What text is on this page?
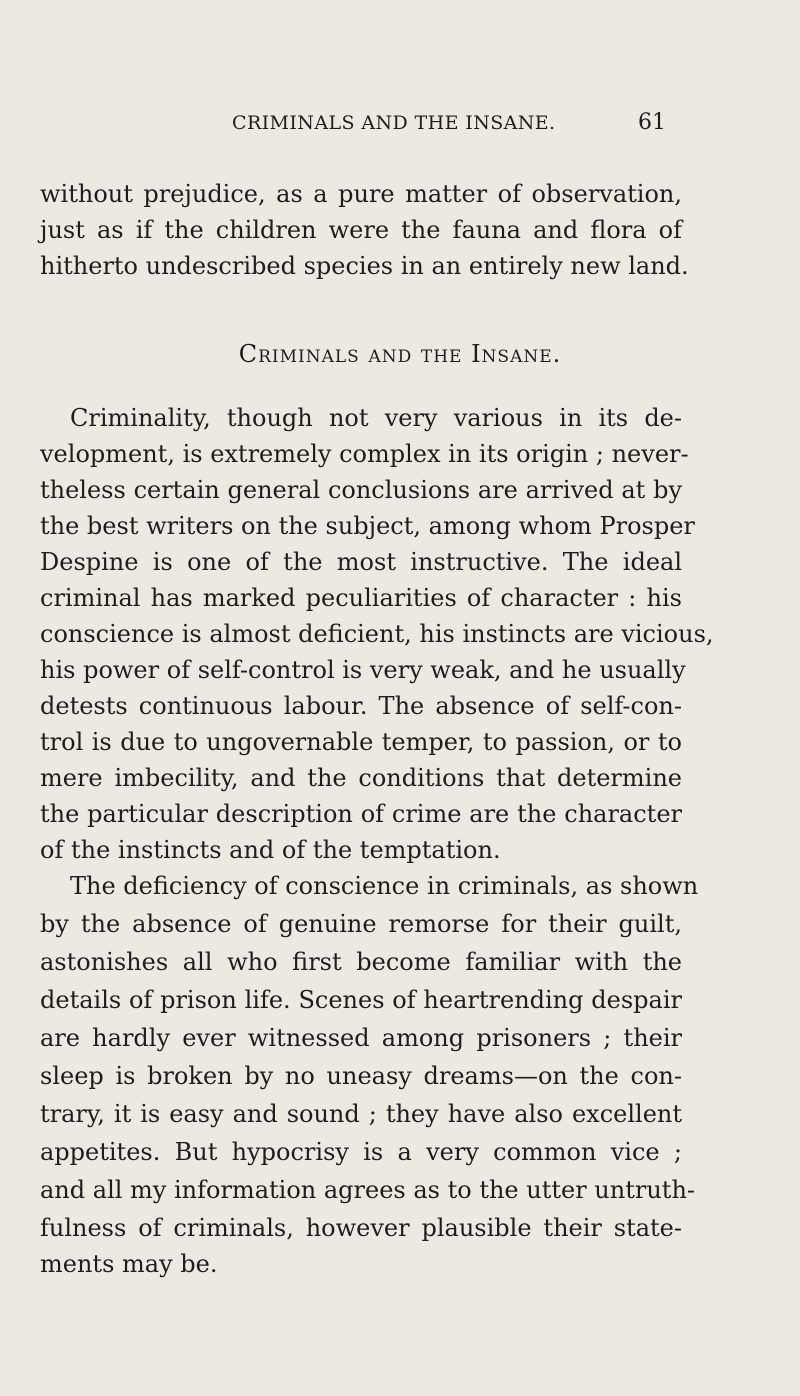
CRIMINALS AND THE INSANE.	61
without prejudice, as a pure matter of observation,
just as if the children were the fauna and flora of
hitherto undescribed species in an entirely new land.
Criminals and the Insane.
Criminality, though not very various in its de-
velopment, is extremely complex in its origin ; never-
theless certain general conclusions are arrived at by
the best writers on the subject, among whom Prosper
Despine is one of the most instructive. The ideal
criminal has marked peculiarities of character : his
conscience is almost deficient, his instincts are vicious,
his power of self-control is very weak, and he usually
detests continuous labour. The absence of self-con-
trol is due to ungovernable temper, to passion, or to
mere imbecility, and the conditions that determine
the particular description of crime are the character
of the instincts and of the temptation.
The deficiency of conscience in criminals, as shown
by the absence of genuine remorse for their guilt,
astonishes all who first become familiar with the
details of prison life. Scenes of heartrending despair
are hardly ever witnessed among prisoners ; their
sleep is broken by no uneasy dreams—on the con-
trary, it is easy and sound ; they have also excellent
appetites. But hypocrisy is a very common vice ;
and all my information agrees as to the utter untruth-
fulness of criminals, however plausible their state-
ments may be.
